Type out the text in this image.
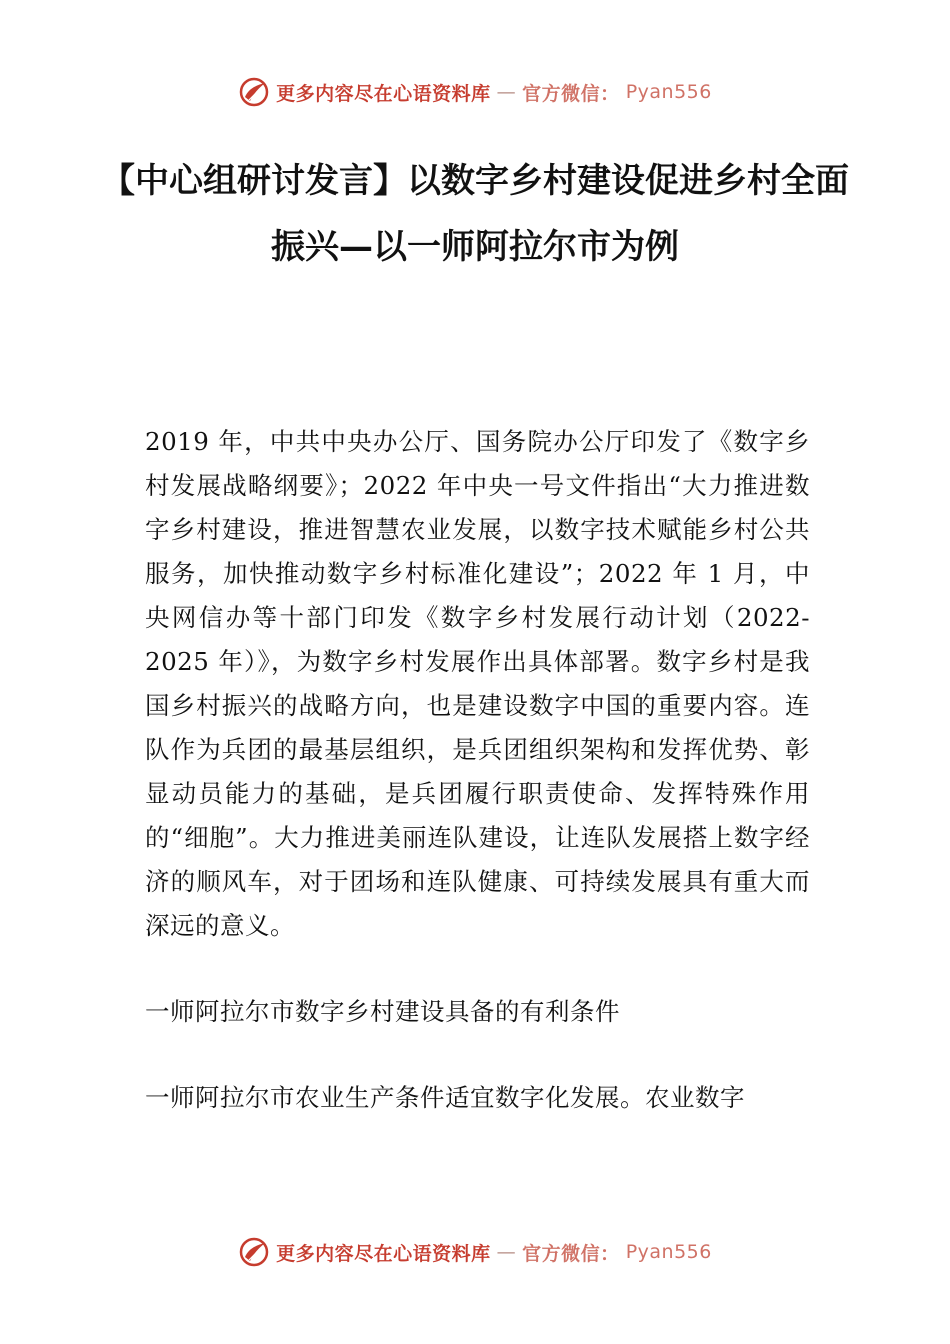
更多内容尽在心语资料库 — 官方微信： Pyan556
【中心组研讨发言】以数字乡村建设促进乡村全面振兴—以一师阿拉尔市为例

2019 年，中共中央办公厅、国务院办公厅印发了《数字乡村发展战略纲要》；2022 年中央一号文件指出“大力推进数字乡村建设，推进智慧农业发展，以数字技术赋能乡村公共服务，加快推动数字乡村标准化建设”；2022 年 1 月，中央网信办等十部门印发《数字乡村发展行动计划（2022-2025 年）》，为数字乡村发展作出具体部署。数字乡村是我国乡村振兴的战略方向，也是建设数字中国的重要内容。连队作为兵团的最基层组织，是兵团组织架构和发挥优势、彰显动员能力的基础，是兵团履行职责使命、发挥特殊作用的“细胞”。大力推进美丽连队建设，让连队发展搭上数字经济的顺风车，对于团场和连队健康、可持续发展具有重大而深远的意义。

一师阿拉尔市数字乡村建设具备的有利条件

一师阿拉尔市农业生产条件适宜数字化发展。农业数字

更多内容尽在心语资料库 — 官方微信： Pyan556
